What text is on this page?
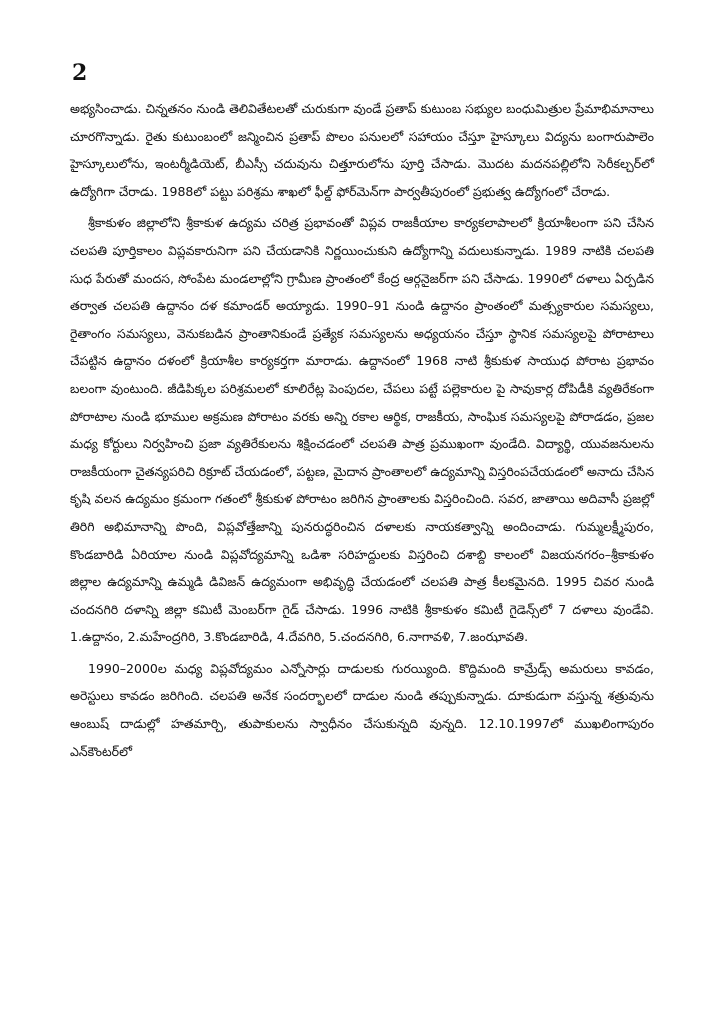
2

అభ్యసించాడు. చిన్నతనం నుండి తెలివితేటలతో చురుకుగా వుండే ప్రతాప్ కుటుంబ సభ్యుల బంధుమిత్రుల ప్రేమాభిమానాలు చూరగొన్నాడు. రైతు కుటుంబంలో జన్మించిన ప్రతాప్ పొలం పనులలో సహాయం చేస్తూ హైస్కూలు విద్యను బంగారుపాలెం హైస్కూలులోను, ఇంటర్మీడియెట్, బీఎస్సీ చదువును చిత్తూరులోను పూర్తి చేసాడు. మొదట మదనపల్లిలోని సెరీకల్చర్‌లో ఉద్యోగిగా చేరాడు. 1988లో పట్టు పరిశ్రమ శాఖలో ఫీల్డ్ ఫోర్‌మెన్‌గా పార్వతీపురంలో ప్రభుత్వ ఉద్యోగంలో చేరాడు.

శ్రీకాకుళం జిల్లాలోని శ్రీకాకుళ ఉద్యమ చరిత్ర ప్రభావంతో విప్లవ రాజకీయాల కార్యకలాపాలలో క్రియాశీలంగా పని చేసిన చలపతి పూర్తికాలం విప్లవకారునిగా పని చేయడానికి నిర్ణయించుకుని ఉద్యోగాన్ని వదులుకున్నాడు. 1989 నాటికి చలపతి సుధ పేరుతో మందస, సోంపేట మండలాల్లోని గ్రామీణ ప్రాంతంలో కేంద్ర ఆర్గనైజర్‌గా పని చేసాడు. 1990లో దళాలు ఏర్పడిన తర్వాత చలపతి ఉద్దానం దళ కమాండర్ అయ్యాడు. 1990–91 నుండి ఉద్దానం ప్రాంతంలో మత్స్యకారుల సమస్యలు, రైతాంగం సమస్యలు, వెనుకబడిన ప్రాంతానికుండే ప్రత్యేక సమస్యలను అధ్యయనం చేస్తూ స్థానిక సమస్యలపై పోరాటాలు చేపట్టిన ఉద్దానం దళంలో క్రియాశీల కార్యకర్తగా మారాడు. ఉద్దానంలో 1968 నాటి శ్రీకుకుళ సాయుధ పోరాట ప్రభావం బలంగా వుంటుంది. జీడిపిక్కల పరిశ్రమలలో కూలిరేట్ల పెంపుదల, చేపలు పట్టే పల్లెకారుల పై సావుకార్ల దోపిడీకి వ్యతిరేకంగా పోరాటాల నుండి భూముల అక్రమణ పోరాటం వరకు అన్ని రకాల ఆర్థిక, రాజకీయ, సాంఘిక సమస్యలపై పోరాడడం, ప్రజల మధ్య కోర్టులు నిర్వహించి ప్రజా వ్యతిరేకులను శిక్షించడంలో చలపతి పాత్ర ప్రముఖంగా వుండేది. విద్యార్థి, యువజనులను రాజకీయంగా చైతన్యపరిచి రిక్రూట్ చేయడంలో, పట్టణ, మైదాన ప్రాంతాలలో ఉద్యమాన్ని విస్తరింపచేయడంలో అనాదు చేసిన కృషి వలన ఉద్యమం క్రమంగా గతంలో శ్రీకుకుళ పోరాటం జరిగిన ప్రాంతాలకు విస్తరించింది. సవర, జాతాయి అదివాసీ ప్రజల్లో తిరిగి అభిమానాన్ని పొంది, విప్లవోత్తేజాన్ని పునరుద్ధరించిన దళాలకు నాయకత్వాన్ని అందించాడు. గుమ్మలక్ష్మీపురం, కొండబారిడి ఏరియాల నుండి విప్లవోద్యమాన్ని ఒడిశా సరిహద్దులకు విస్తరించి దశాబ్ది కాలంలో విజయనగరం–శ్రీకాకుళం జిల్లాల ఉద్యమాన్ని ఉమ్మడి డివిజన్ ఉద్యమంగా అభివృద్ధి చేయడంలో చలపతి పాత్ర కీలకమైనది. 1995 చివర నుండి చందనగిరి దళాన్ని జిల్లా కమిటీ మెంబర్‌గా గైడ్ చేసాడు. 1996 నాటికి శ్రీకాకుళం కమిటీ గైడెన్స్‌లో 7 దళాలు వుండేవి. 1.ఉద్దానం, 2.మహేంద్రగిరి, 3.కొండబారిడి, 4.దేవగిరి, 5.చందనగిరి, 6.నాగావళి, 7.జంఝావతి.

1990–2000ల మధ్య విప్లవోద్యమం ఎన్నోసార్లు దాడులకు గురయ్యింది. కొద్దిమంది కామ్రేడ్స్ అమరులు కావడం, అరెస్టులు కావడం జరిగింది. చలపతి అనేక సందర్భాలలో దాడుల నుండి తప్పుకున్నాడు. దూకుడుగా వస్తున్న శత్రువును ఆంబుష్ దాడుల్లో హతమార్చి, తుపాకులను స్వాధీనం చేసుకున్నది వున్నది. 12.10.1997లో ముఖలింగాపురం ఎన్‌కౌంటర్‌లో
